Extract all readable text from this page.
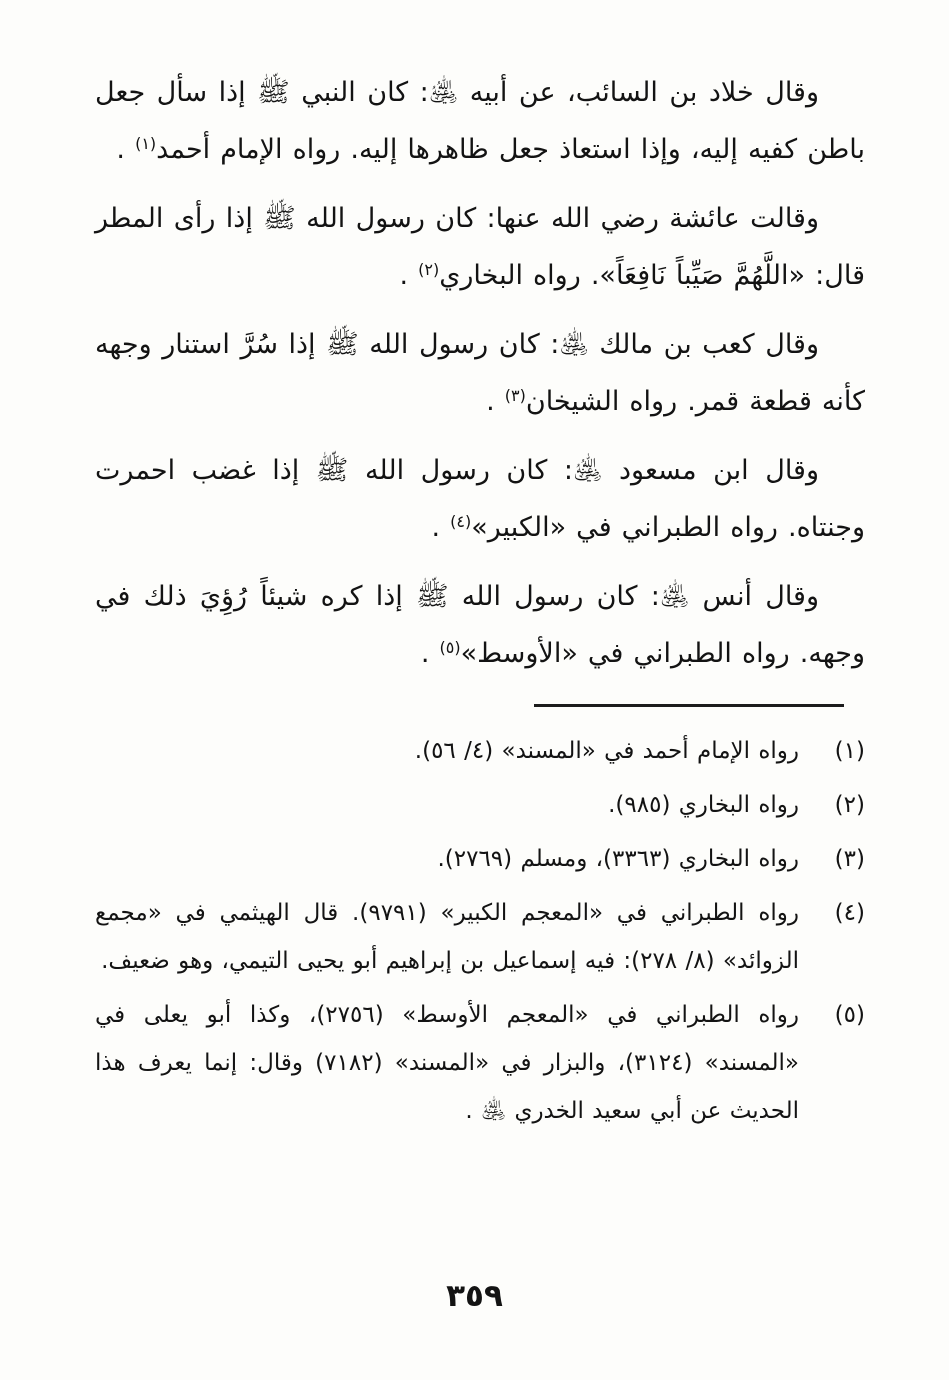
وقال خلاد بن السائب، عن أبيه ﵁: كان النبي ﷺ إذا سأل جعل باطن كفيه إليه، وإذا استعاذ جعل ظاهرها إليه. رواه الإمام أحمد$^{(١)}$ .

وقالت عائشة رضي الله عنها: كان رسول الله ﷺ إذا رأى المطر قال: «اللَّهُمَّ صَيِّباً نَافِعَاً». رواه البخاري$^{(٢)}$ .

وقال كعب بن مالك ﵁: كان رسول الله ﷺ إذا سُرَّ استنار وجهه كأنه قطعة قمر. رواه الشيخان$^{(٣)}$ .

وقال ابن مسعود ﵁: كان رسول الله ﷺ إذا غضب احمرت وجنتاه. رواه الطبراني في «الكبير»$^{(٤)}$ .

وقال أنس ﵁: كان رسول الله ﷺ إذا كره شيئاً رُؤِيَ ذلك في وجهه. رواه الطبراني في «الأوسط»$^{(٥)}$ .

(١)
رواه الإمام أحمد في «المسند» (٤/ ٥٦).
(٢)
رواه البخاري (٩٨٥).
(٣)
رواه البخاري (٣٣٦٣)، ومسلم (٢٧٦٩).
(٤)
رواه الطبراني في «المعجم الكبير» (٩٧٩١). قال الهيثمي في «مجمع الزوائد» (٨/ ٢٧٨): فيه إسماعيل بن إبراهيم أبو يحيى التيمي، وهو ضعيف.
(٥)
رواه الطبراني في «المعجم الأوسط» (٢٧٥٦)، وكذا أبو يعلى في «المسند» (٣١٢٤)، والبزار في «المسند» (٧١٨٢) وقال: إنما يعرف هذا الحديث عن أبي سعيد الخدري ﵁ .
٣٥٩
